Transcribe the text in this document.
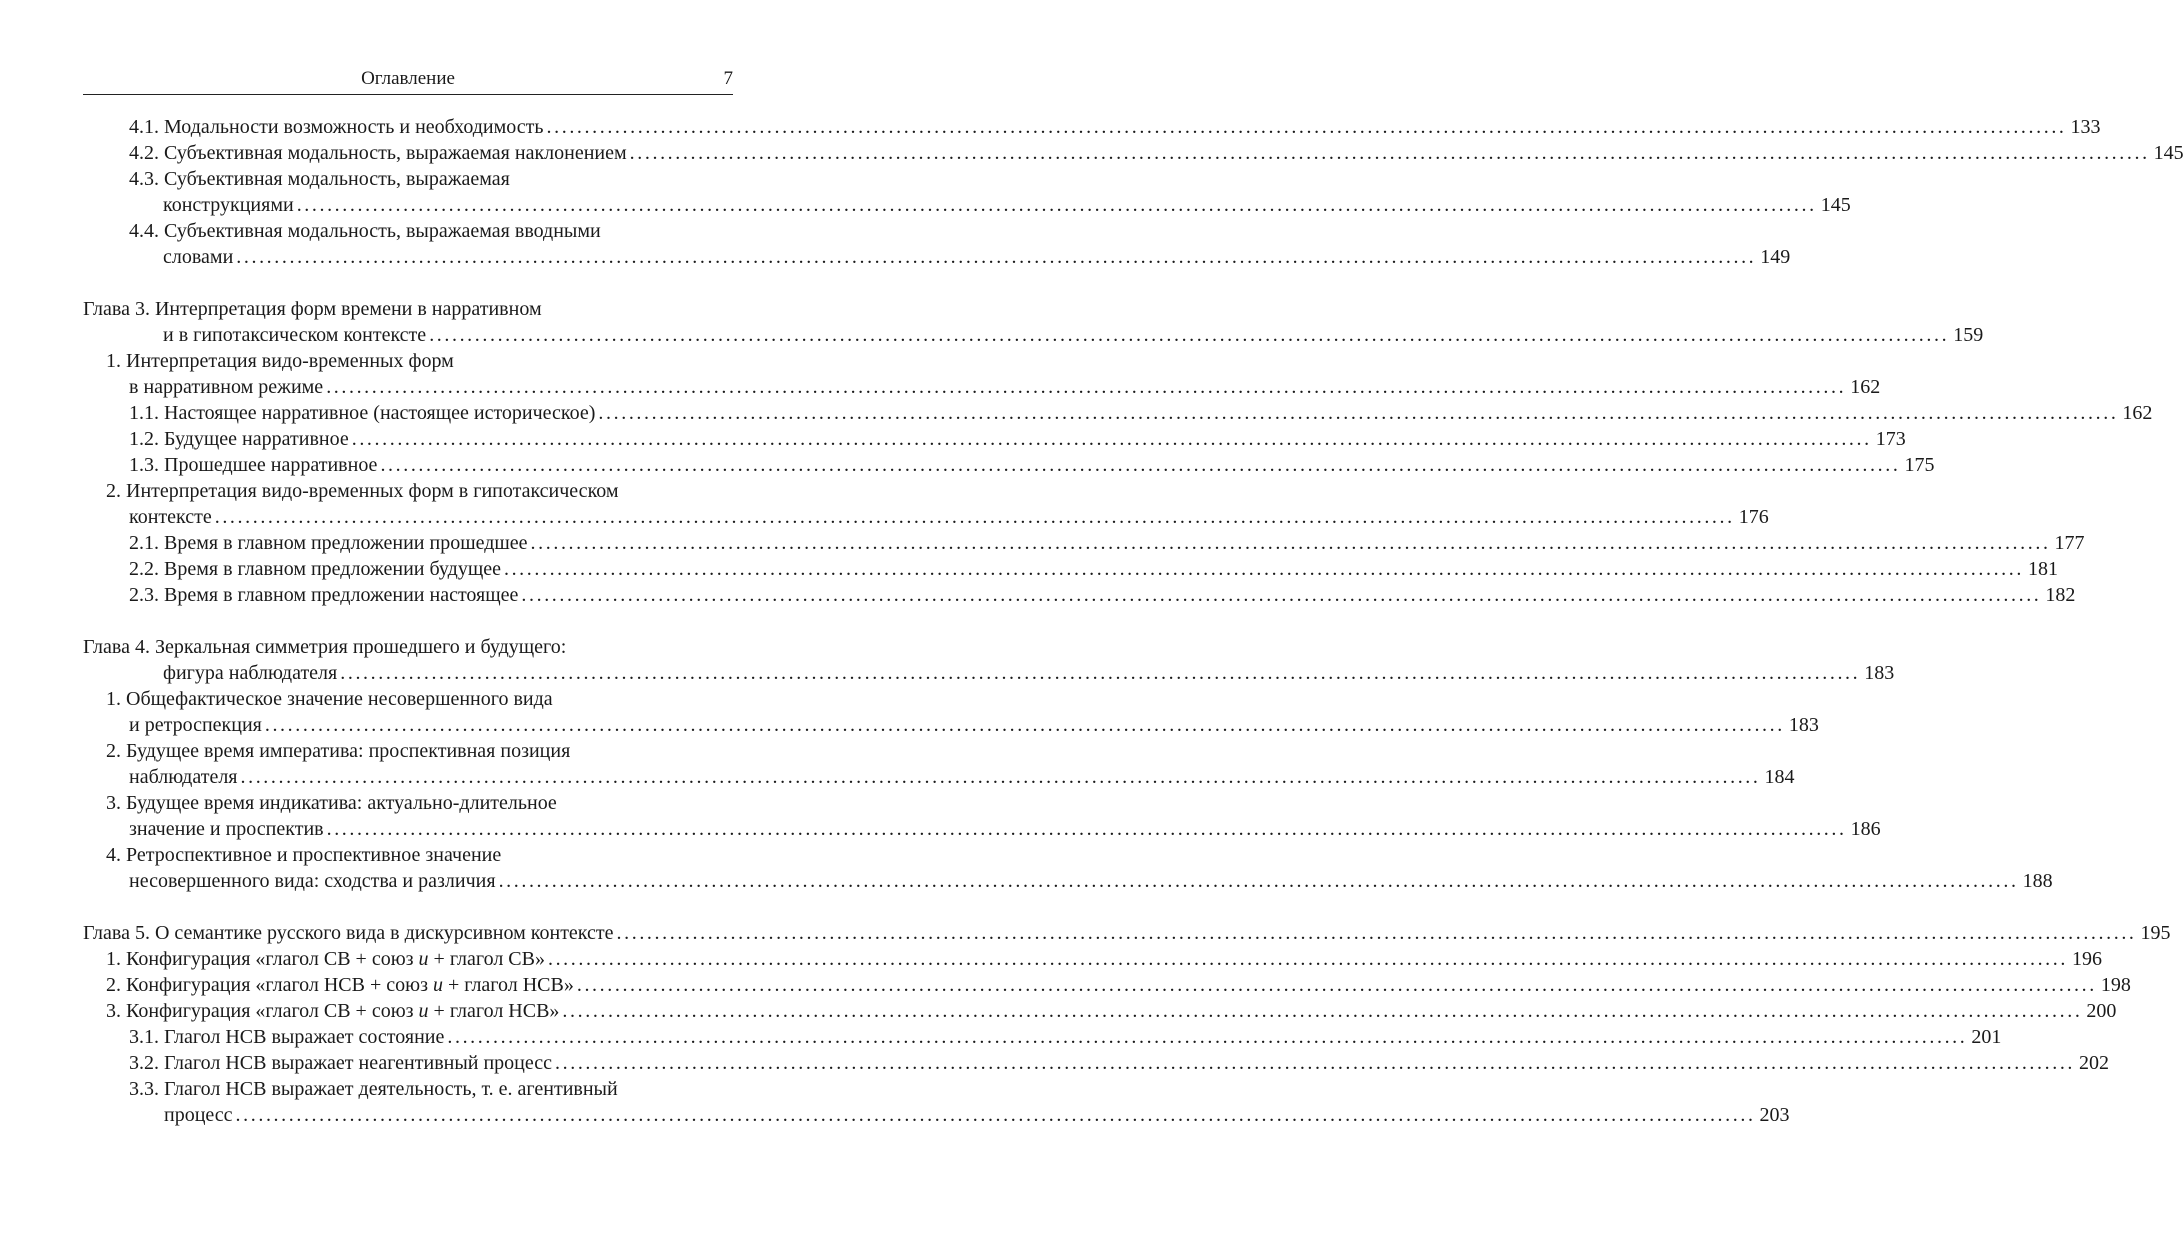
Оглавление	7
4.1. Модальности возможность и необходимость ........................................................................................................................................................................................................ 133
4.2. Субъективная модальность, выражаемая наклонением ........................................................................................................................................................................................................ 145
4.3. Субъективная модальность, выражаемая
конструкциями ........................................................................................................................................................................................................ 145
4.4. Субъективная модальность, выражаемая вводными
словами ........................................................................................................................................................................................................ 149
Глава 3. Интерпретация форм времени в нарративном
и в гипотаксическом контексте ........................................................................................................................................................................................................ 159
1. Интерпретация видо-временных форм
в нарративном режиме ........................................................................................................................................................................................................ 162
1.1. Настоящее нарративное (настоящее историческое) ........................................................................................................................................................................................................ 162
1.2. Будущее нарративное ........................................................................................................................................................................................................ 173
1.3. Прошедшее нарративное ........................................................................................................................................................................................................ 175
2. Интерпретация видо-временных форм в гипотаксическом
контексте ........................................................................................................................................................................................................ 176
2.1. Время в главном предложении прошедшее ........................................................................................................................................................................................................ 177
2.2. Время в главном предложении будущее ........................................................................................................................................................................................................ 181
2.3. Время в главном предложении настоящее ........................................................................................................................................................................................................ 182
Глава 4. Зеркальная симметрия прошедшего и будущего:
фигура наблюдателя ........................................................................................................................................................................................................ 183
1. Общефактическое значение несовершенного вида
и ретроспекция ........................................................................................................................................................................................................ 183
2. Будущее время императива: проспективная позиция
наблюдателя ........................................................................................................................................................................................................ 184
3. Будущее время индикатива: актуально-длительное
значение и проспектив ........................................................................................................................................................................................................ 186
4. Ретроспективное и проспективное значение
несовершенного вида: сходства и различия ........................................................................................................................................................................................................ 188
Глава 5. О семантике русского вида в дискурсивном контексте ........................................................................................................................................................................................................ 195
1. Конфигурация «глагол СВ + союз и + глагол СВ» ........................................................................................................................................................................................................ 196
2. Конфигурация «глагол НСВ + союз и + глагол НСВ» ........................................................................................................................................................................................................ 198
3. Конфигурация «глагол СВ + союз и + глагол НСВ» ........................................................................................................................................................................................................ 200
3.1. Глагол НСВ выражает состояние ........................................................................................................................................................................................................ 201
3.2. Глагол НСВ выражает неагентивный процесс ........................................................................................................................................................................................................ 202
3.3. Глагол НСВ выражает деятельность, т. е. агентивный
процесс ........................................................................................................................................................................................................ 203
